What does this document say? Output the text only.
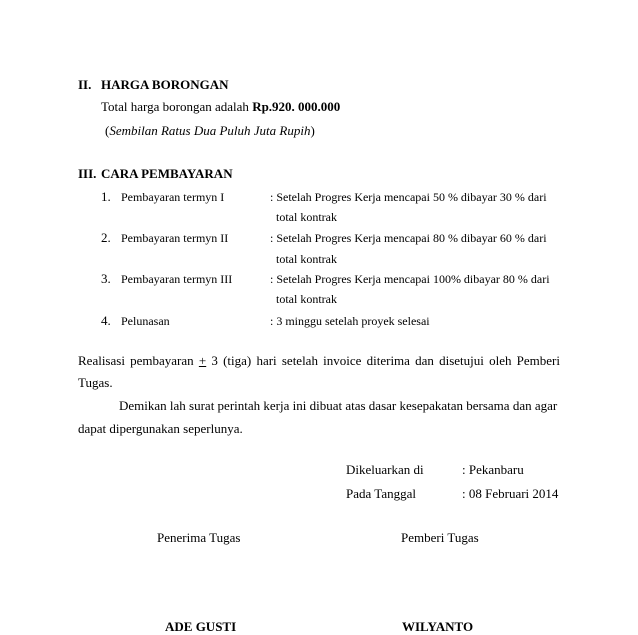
II. HARGA BORONGAN
Total harga borongan adalah Rp.920. 000.000
(Sembilan Ratus Dua Puluh Juta Rupih)
III. CARA PEMBAYARAN
1. Pembayaran termyn I	: Setelah Progres Kerja mencapai 50 % dibayar 30 % dari
total kontrak
2. Pembayaran termyn II	: Setelah Progres Kerja mencapai 80 % dibayar 60 % dari
total kontrak
3. Pembayaran termyn III	: Setelah Progres Kerja mencapai 100% dibayar 80 % dari
total kontrak
4. Pelunasan	: 3 minggu setelah proyek selesai
Realisasi pembayaran + 3 (tiga) hari setelah invoice diterima dan disetujui oleh Pemberi
Tugas.
Demikan lah surat perintah kerja ini dibuat atas dasar kesepakatan bersama dan agar
dapat dipergunakan seperlunya.
Dikeluarkan di	: Pekanbaru
Pada Tanggal	: 08 Februari 2014
Penerima Tugas	Pemberi Tugas
ADE GUSTI	WILYANTO
